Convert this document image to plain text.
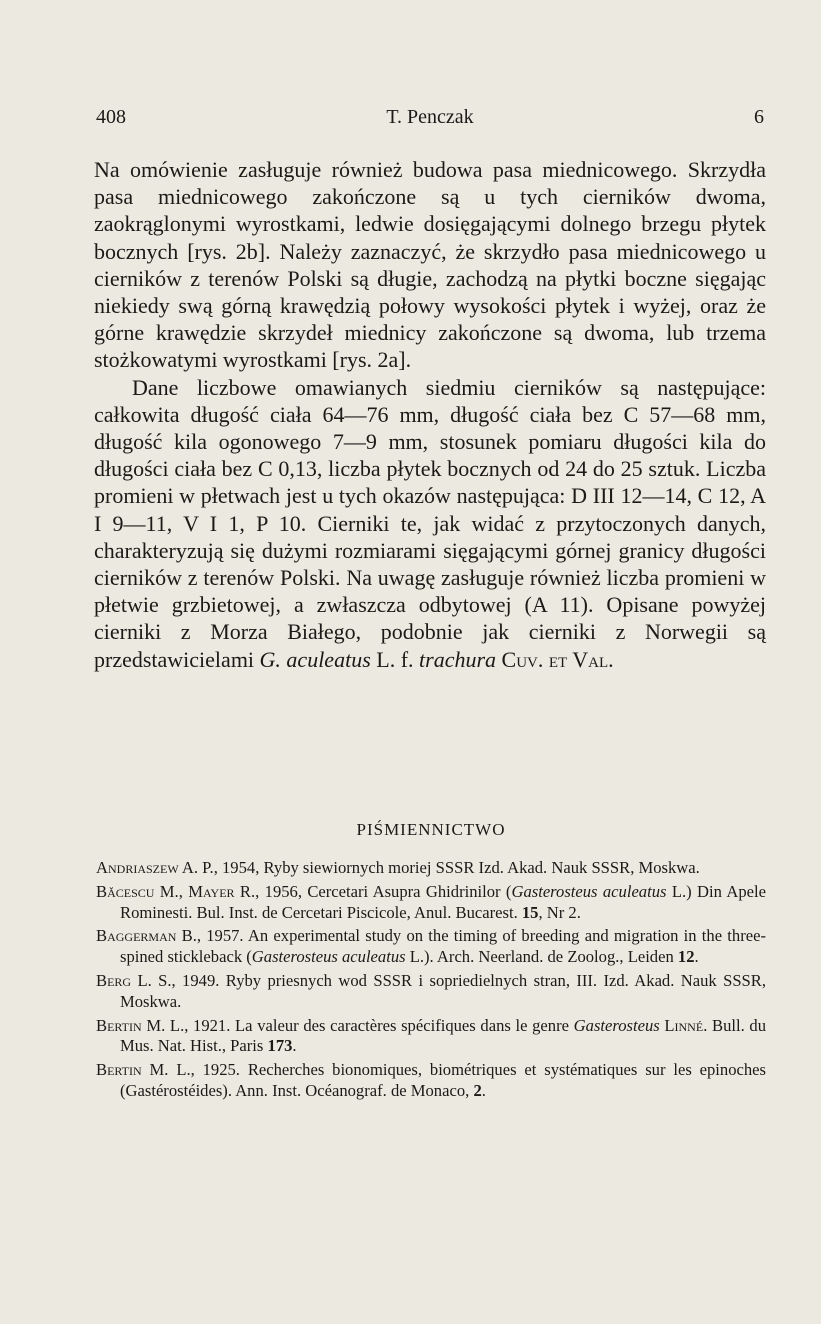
408	T. Penczak	6

Na omówienie zasługuje również budowa pasa miednicowego. Skrzydła pasa miednicowego zakończone są u tych cierników dwoma, zaokrąglonymi wyrostkami, ledwie dosięgającymi dolnego brzegu płytek bocznych [rys. 2b]. Należy zaznaczyć, że skrzydło pasa miednicowego u cierników z terenów Polski są długie, zachodzą na płytki boczne sięgając niekiedy swą górną krawędzią połowy wysokości płytek i wyżej, oraz że górne krawędzie skrzydeł miednicy zakończone są dwoma, lub trzema stożkowatymi wyrostkami [rys. 2a].

Dane liczbowe omawianych siedmiu cierników są następujące: całkowita długość ciała 64—76 mm, długość ciała bez C 57—68 mm, długość kila ogonowego 7—9 mm, stosunek pomiaru długości kila do długości ciała bez C 0,13, liczba płytek bocznych od 24 do 25 sztuk. Liczba promieni w płetwach jest u tych okazów następująca: D III 12—14, C 12, A I 9—11, V I 1, P 10. Cierniki te, jak widać z przytoczonych danych, charakteryzują się dużymi rozmiarami sięgającymi górnej granicy długości cierników z terenów Polski. Na uwagę zasługuje również liczba promieni w płetwie grzbietowej, a zwłaszcza odbytowej (A 11). Opisane powyżej cierniki z Morza Białego, podobnie jak cierniki z Norwegii są przedstawicielami G. aculeatus L. f. trachura Cuv. et Val.

PIŚMIENNICTWO
Andriaszew A. P., 1954, Ryby siewiornych moriej SSSR Izd. Akad. Nauk SSSR, Moskwa.
Băcescu M., Mayer R., 1956, Cercetari Asupra Ghidrinilor (Gasterosteus aculeatus L.) Din Apele Rominesti. Bul. Inst. de Cercetari Piscicole, Anul. Bucarest. 15, Nr 2.
Baggerman B., 1957. An experimental study on the timing of breeding and migration in the three-spined stickleback (Gasterosteus aculeatus L.). Arch. Neerland. de Zoolog., Leiden 12.
Berg L. S., 1949. Ryby priesnych wod SSSR i sopriedielnych stran, III. Izd. Akad. Nauk SSSR, Moskwa.
Bertin M. L., 1921. La valeur des caractères spécifiques dans le genre Gasterosteus Linné. Bull. du Mus. Nat. Hist., Paris 173.
Bertin M. L., 1925. Recherches bionomiques, biométriques et systématiques sur les epinoches (Gastérostéides). Ann. Inst. Océanograf. de Monaco, 2.
